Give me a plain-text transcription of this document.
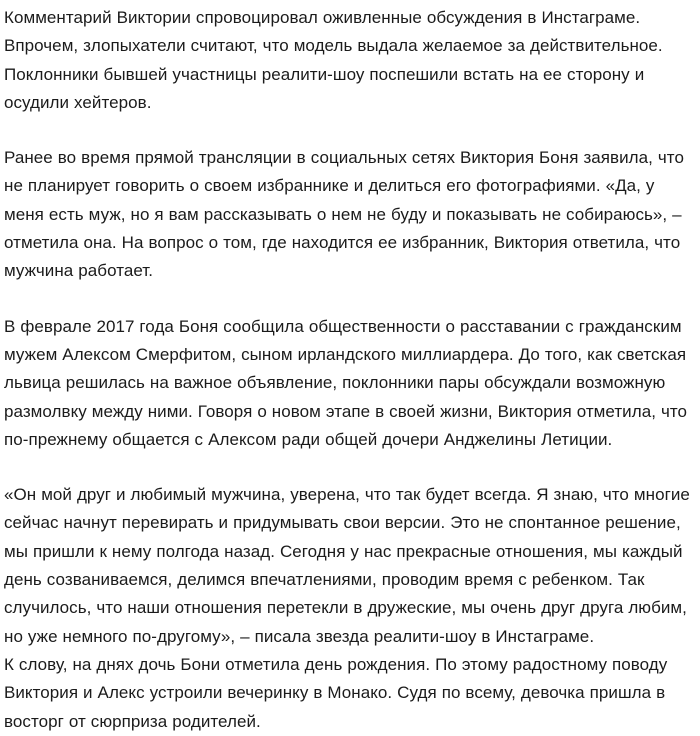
Комментарий Виктории спровоцировал оживленные обсуждения в Инстаграме. Впрочем, злопыхатели считают, что модель выдала желаемое за действительное. Поклонники бывшей участницы реалити-шоу поспешили встать на ее сторону и осудили хейтеров.

Ранее во время прямой трансляции в социальных сетях Виктория Боня заявила, что не планирует говорить о своем избраннике и делиться его фотографиями. «Да, у меня есть муж, но я вам рассказывать о нем не буду и показывать не собираюсь», – отметила она. На вопрос о том, где находится ее избранник, Виктория ответила, что мужчина работает.

В феврале 2017 года Боня сообщила общественности о расставании с гражданским мужем Алексом Смерфитом, сыном ирландского миллиардера. До того, как светская львица решилась на важное объявление, поклонники пары обсуждали возможную размолвку между ними. Говоря о новом этапе в своей жизни, Виктория отметила, что по-прежнему общается с Алексом ради общей дочери Анджелины Летиции.

«Он мой друг и любимый мужчина, уверена, что так будет всегда. Я знаю, что многие сейчас начнут перевирать и придумывать свои версии. Это не спонтанное решение, мы пришли к нему полгода назад. Сегодня у нас прекрасные отношения, мы каждый день созваниваемся, делимся впечатлениями, проводим время с ребенком. Так случилось, что наши отношения перетекли в дружеские, мы очень друг друга любим, но уже немного по-другому», – писала звезда реалити-шоу в Инстаграме.

К слову, на днях дочь Бони отметила день рождения. По этому радостному поводу Виктория и Алекс устроили вечеринку в Монако. Судя по всему, девочка пришла в восторг от сюрприза родителей.
